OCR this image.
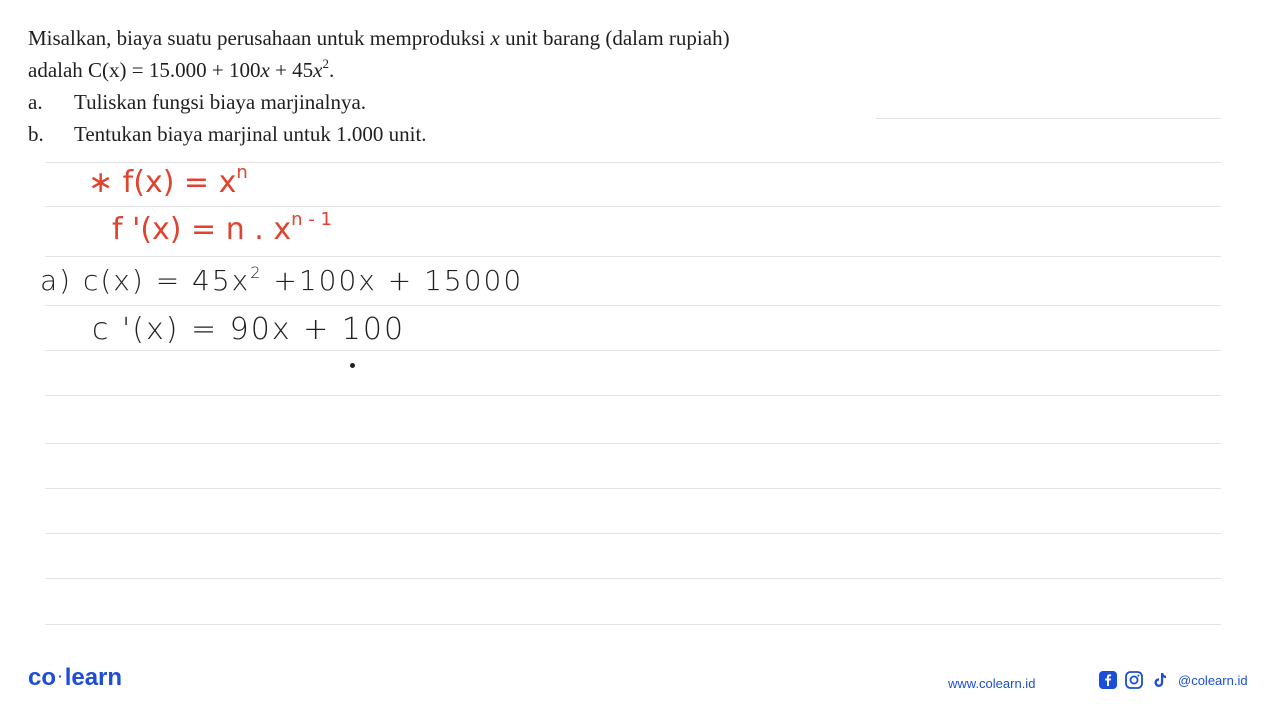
Misalkan, biaya suatu perusahaan untuk memproduksi x unit barang (dalam rupiah)
adalah $C(x) = 15.000 + 100x + 45x^2$.
a.	Tuliskan fungsi biaya marjinalnya.
b.	Tentukan biaya marjinal untuk 1.000 unit.
∗ $f(x) = x^n$
f '(x) = n . $x^{n - 1}$
a) $c(x) = 45x^2 +100x + 15000$
c '(x) = 90x + 100
co ·learn	www.colearn.id	@colearn.id
